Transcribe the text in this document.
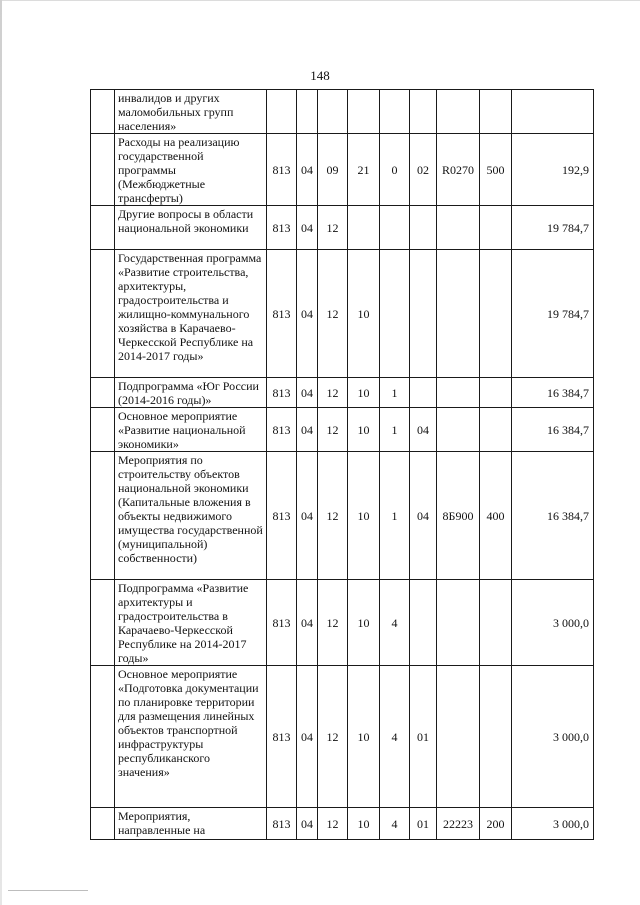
148
	инвалидов и других маломобильных групп населения»									
	Расходы на реализацию государственной программы (Межбюджетные трансферты)	813	04	09	21	0	02	R0270	500	192,9
	Другие вопросы в области национальной экономики	813	04	12						19 784,7
	Государственная программа «Развитие строительства, архитектуры, градостроительства и жилищно-коммунального хозяйства в Карачаево-Черкесской Республике на 2014-2017 годы»	813	04	12	10					19 784,7
	Подпрограмма «Юг России (2014-2016 годы)»	813	04	12	10	1				16 384,7
	Основное мероприятие «Развитие национальной экономики»	813	04	12	10	1	04			16 384,7
	Мероприятия по строительству объектов национальной экономики (Капитальные вложения в объекты недвижимого имущества государственной (муниципальной) собственности)	813	04	12	10	1	04	8Б900	400	16 384,7
	Подпрограмма «Развитие архитектуры и градостроительства в Карачаево-Черкесской Республике на 2014-2017 годы»	813	04	12	10	4				3 000,0
	Основное мероприятие «Подготовка документации по планировке территории для размещения линейных объектов транспортной инфраструктуры республиканского значения»	813	04	12	10	4	01			3 000,0
	Мероприятия, направленные на	813	04	12	10	4	01	22223	200	3 000,0
